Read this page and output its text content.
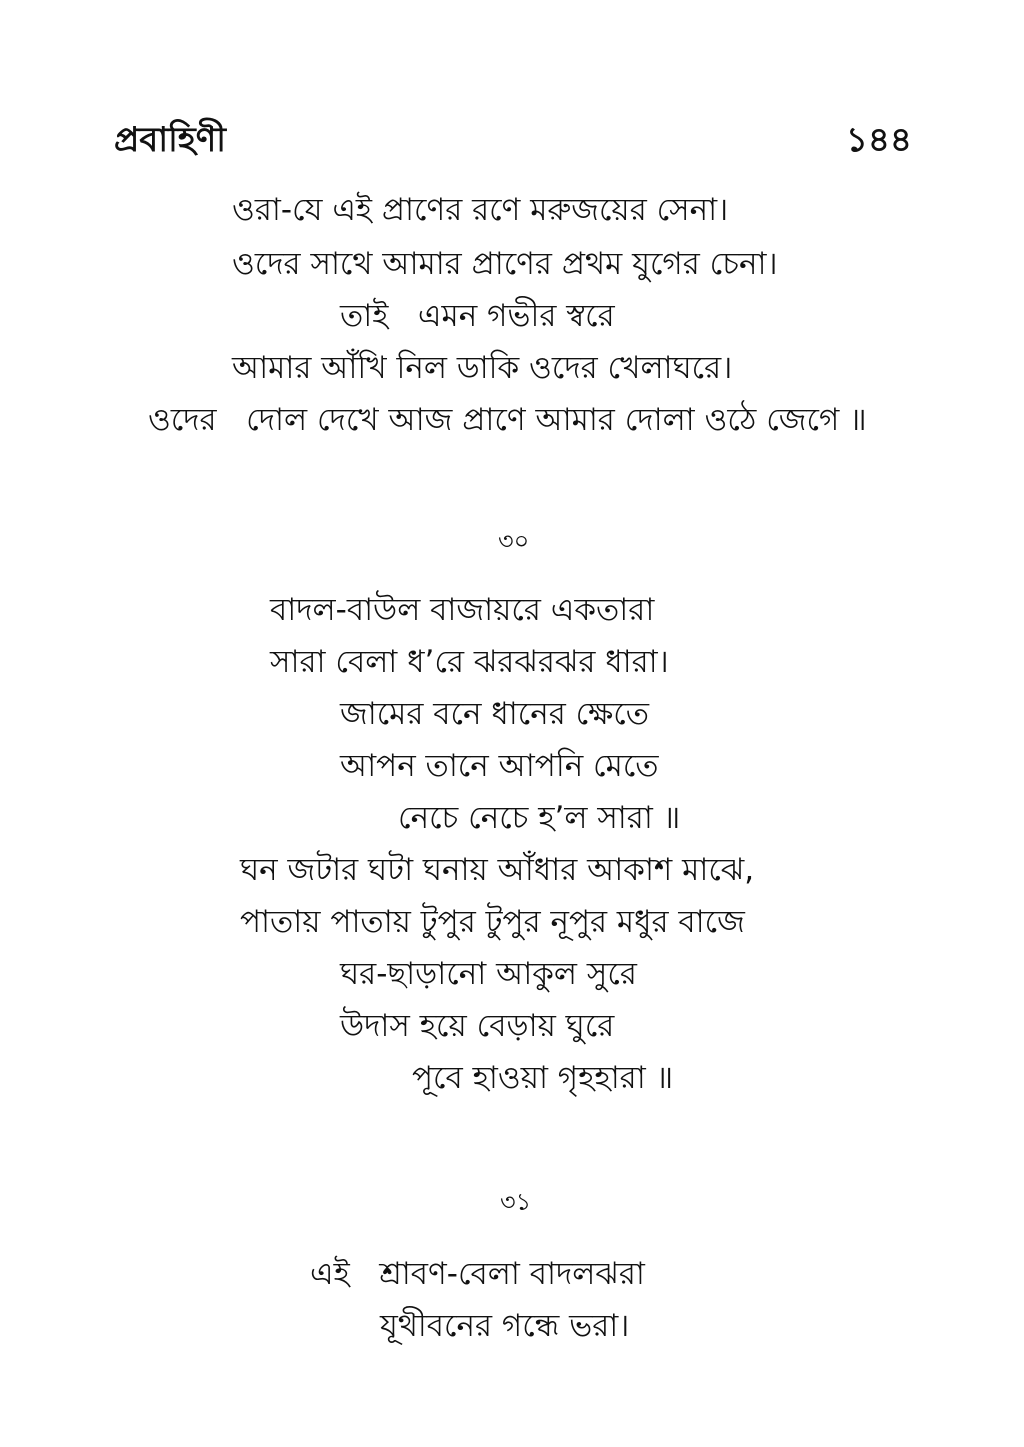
প্রবাহিণী	১৪৪
ওরা-যে এই প্রাণের রণে মরুজয়ের সেনা।
ওদের সাথে আমার প্রাণের প্রথম যুগের চেনা।
তাই   এমন গভীর স্বরে
আমার আঁখি নিল ডাকি ওদের খেলাঘরে।
ওদের   দোল দেখে আজ প্রাণে আমার দোলা ওঠে জেগে ॥
৩০
বাদল-বাউল বাজায়রে একতারা
সারা বেলা ধ’রে ঝরঝরঝর ধারা।
জামের বনে ধানের ক্ষেতে
আপন তানে আপনি মেতে
নেচে নেচে হ’ল সারা ॥
ঘন জটার ঘটা ঘনায় আঁধার আকাশ মাঝে,
পাতায় পাতায় টুপুর টুপুর নূপুর মধুর বাজে
ঘর-ছাড়ানো আকুল সুরে
উদাস হয়ে বেড়ায় ঘুরে
পূবে হাওয়া গৃহহারা ॥
৩১
এই   শ্রাবণ-বেলা বাদলঝরা
যূথীবনের গন্ধে ভরা।
